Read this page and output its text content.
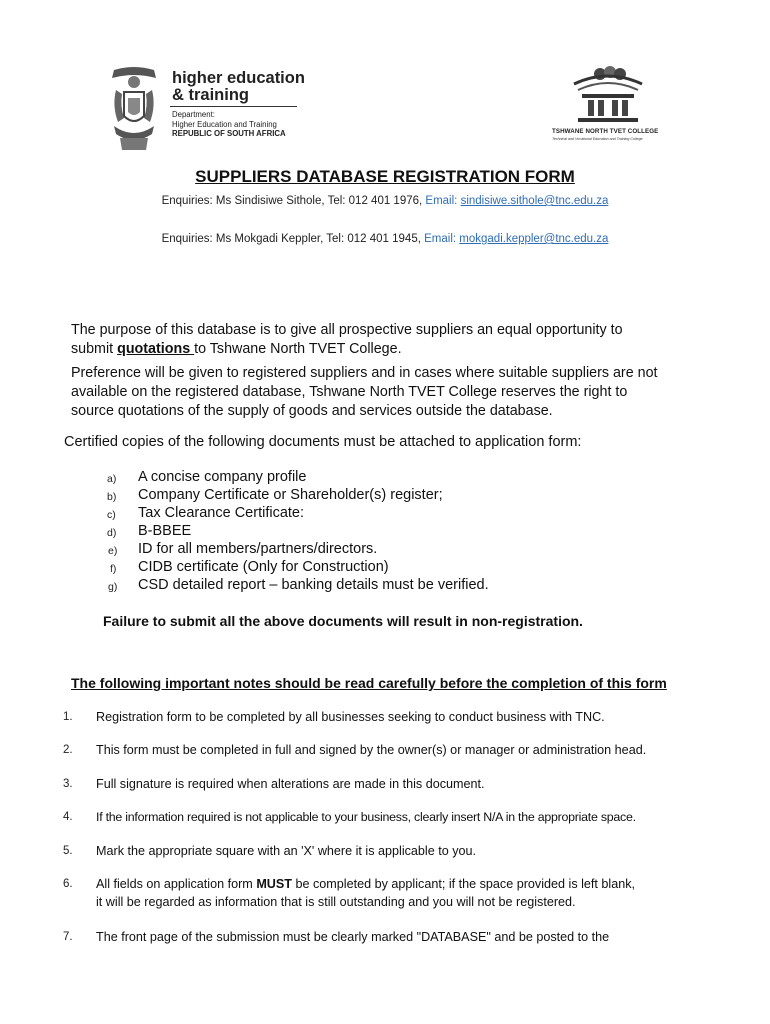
higher education
& training
Department:
Higher Education and Training
REPUBLIC OF SOUTH AFRICA	TSHWANE NORTH TVET COLLEGE
Technical and Vocational Education and Training College
SUPPLIERS DATABASE REGISTRATION FORM
Enquiries: Ms Sindisiwe Sithole, Tel: 012 401 1976, Email: sindisiwe.sithole@tnc.edu.za
Enquiries: Ms Mokgadi Keppler, Tel: 012 401 1945, Email: mokgadi.keppler@tnc.edu.za
The purpose of this database is to give all prospective suppliers an equal opportunity to
submit quotations to Tshwane North TVET College.
Preference will be given to registered suppliers and in cases where suitable suppliers are not
available on the registered database, Tshwane North TVET College reserves the right to
source quotations of the supply of goods and services outside the database.
Certified copies of the following documents must be attached to application form:
a) A concise company profile
b) Company Certificate or Shareholder(s) register;
c) Tax Clearance Certificate:
d) B-BBEE
e) ID for all members/partners/directors.
f) CIDB certificate (Only for Construction)
g) CSD detailed report – banking details must be verified.
Failure to submit all the above documents will result in non-registration.
The following important notes should be read carefully before the completion of this form
1. Registration form to be completed by all businesses seeking to conduct business with TNC.
2. This form must be completed in full and signed by the owner(s) or manager or administration head.
3. Full signature is required when alterations are made in this document.
4. If the information required is not applicable to your business, clearly insert N/A in the appropriate space.
5. Mark the appropriate square with an 'X' where it is applicable to you.
6. All fields on application form MUST be completed by applicant; if the space provided is left blank,
it will be regarded as information that is still outstanding and you will not be registered.
7. The front page of the submission must be clearly marked "DATABASE" and be posted to the
